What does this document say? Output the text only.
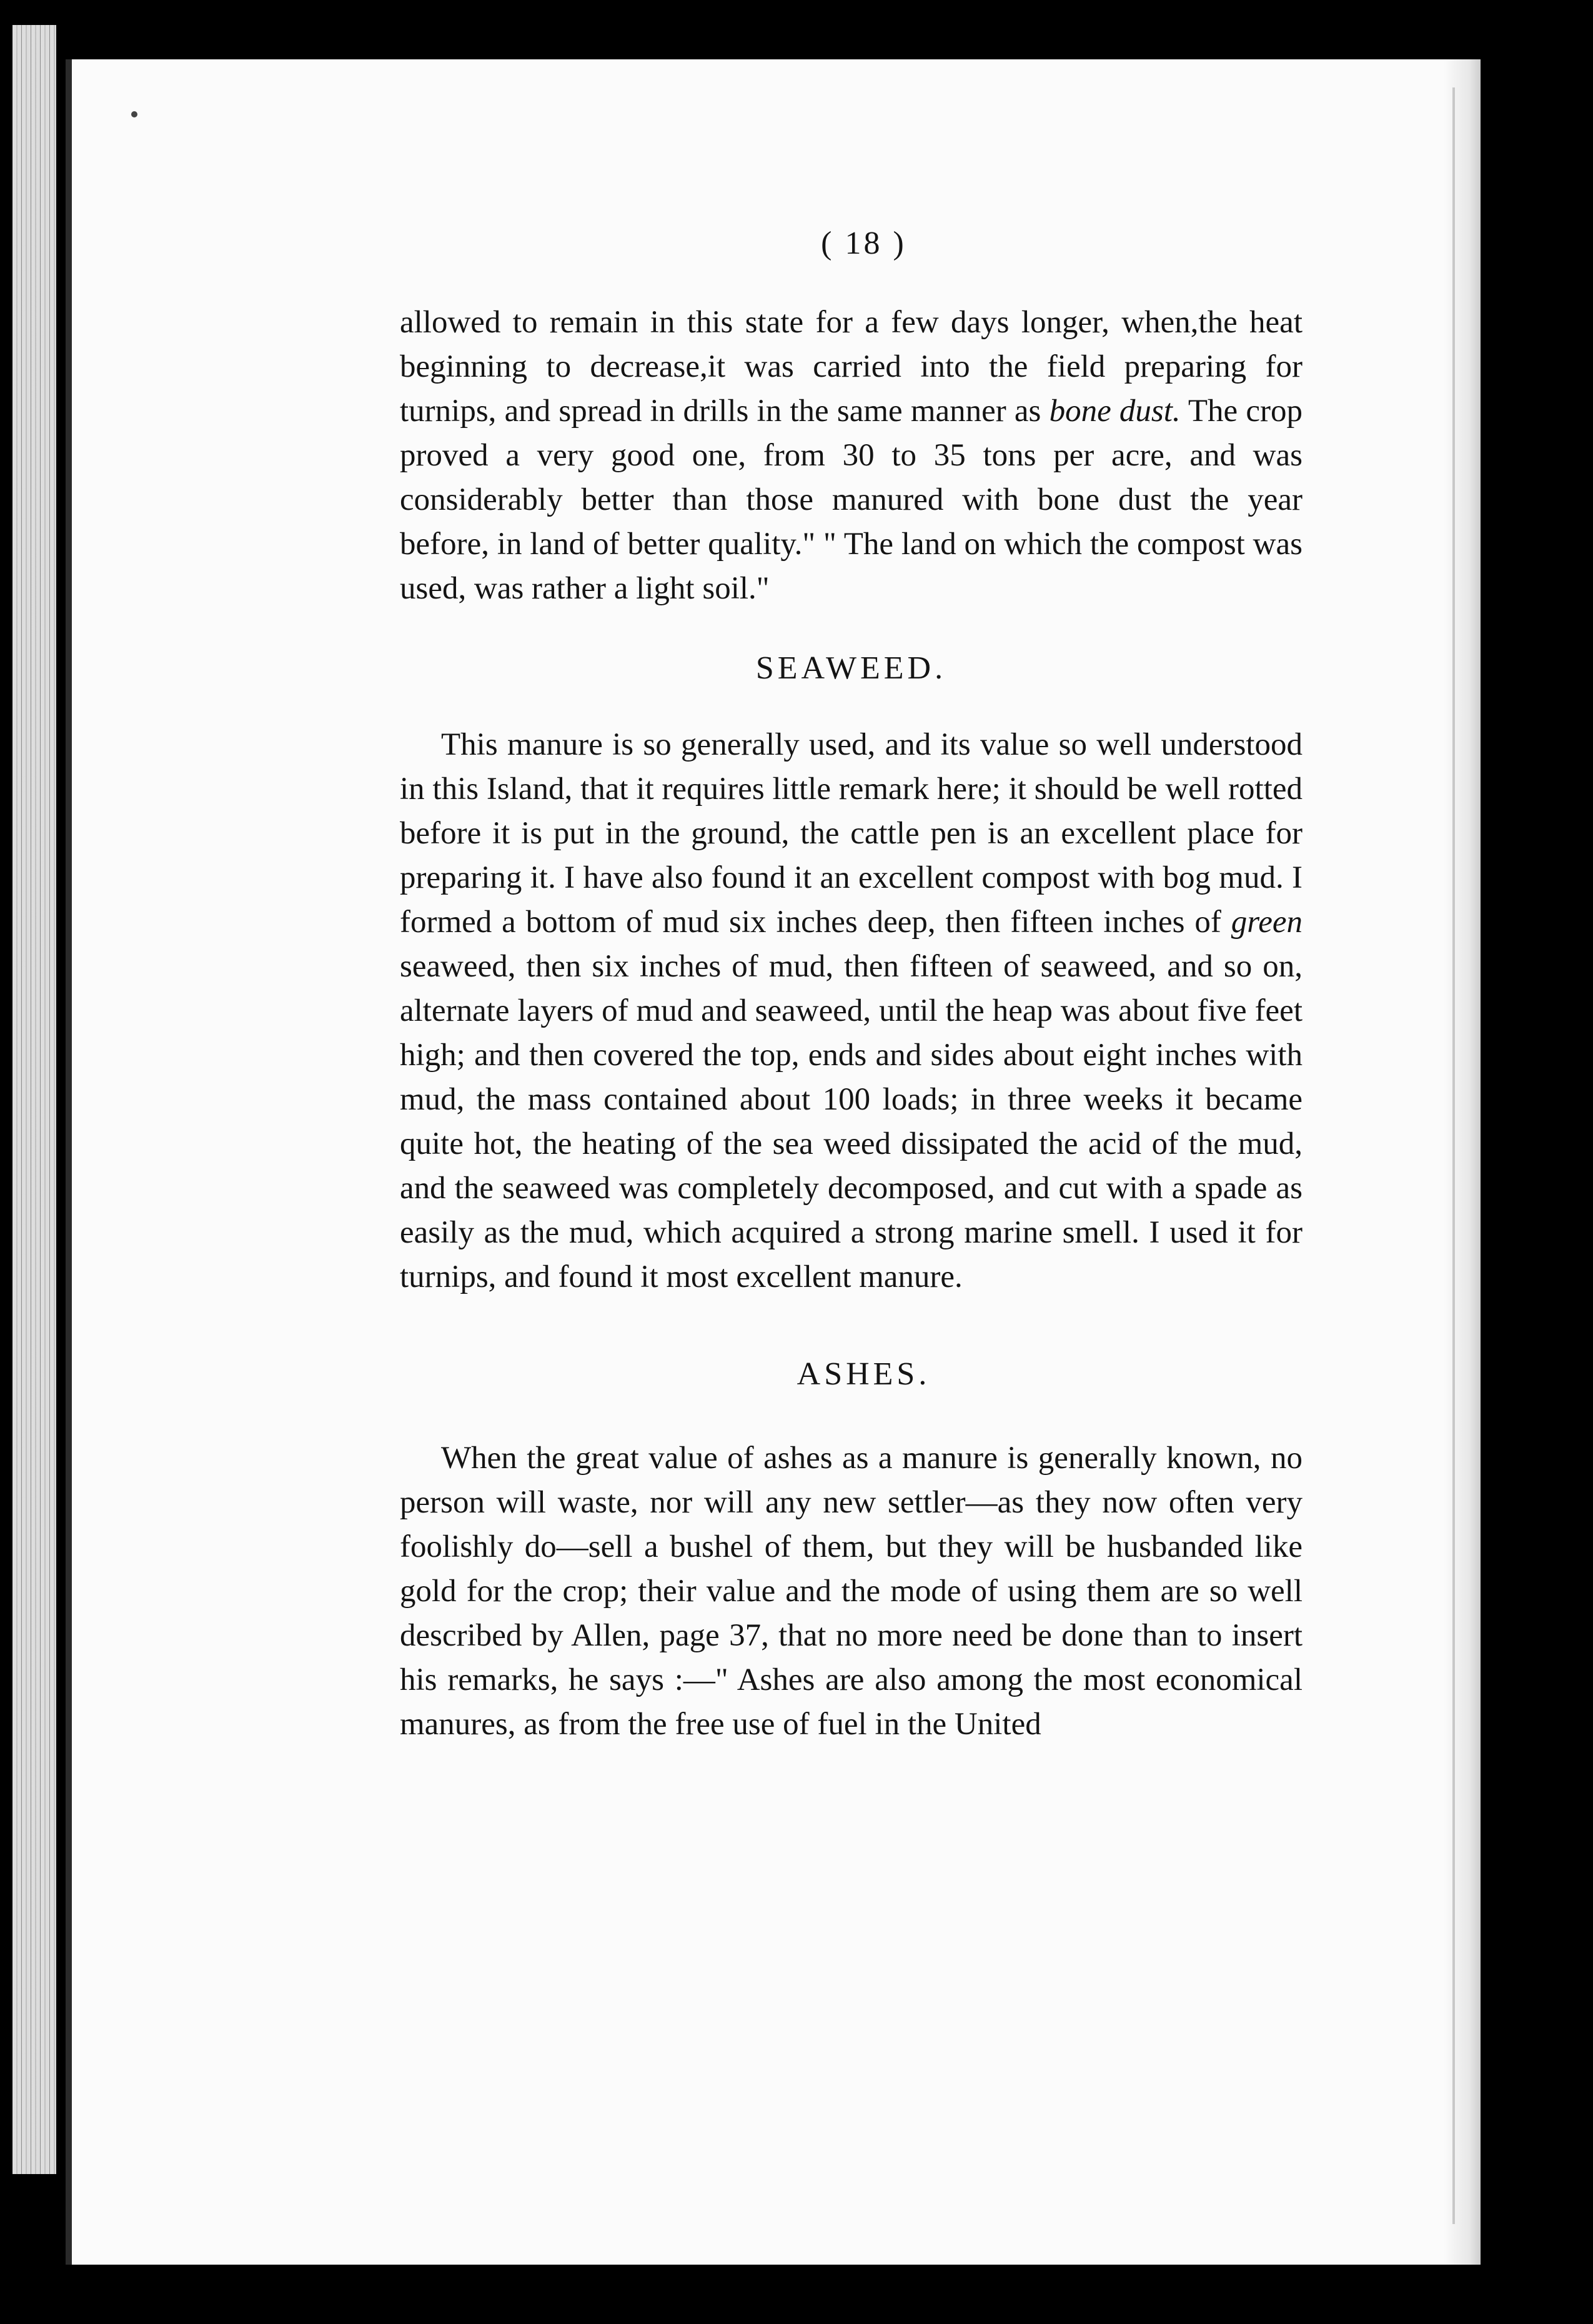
( 18 )

allowed to remain in this state for a few days longer, when,the heat beginning to decrease,it was carried into the field preparing for turnips, and spread in drills in the same manner as bone dust. The crop proved a very good one, from 30 to 35 tons per acre, and was considerably better than those manured with bone dust the year before, in land of better quality." " The land on which the compost was used, was rather a light soil."

SEAWEED.

This manure is so generally used, and its value so well understood in this Island, that it requires little remark here; it should be well rotted before it is put in the ground, the cattle pen is an excellent place for preparing it. I have also found it an excellent compost with bog mud. I formed a bottom of mud six inches deep, then fifteen inches of green seaweed, then six inches of mud, then fifteen of seaweed, and so on, alternate layers of mud and seaweed, until the heap was about five feet high; and then covered the top, ends and sides about eight inches with mud, the mass contained about 100 loads; in three weeks it became quite hot, the heating of the sea weed dissipated the acid of the mud, and the seaweed was completely decomposed, and cut with a spade as easily as the mud, which acquired a strong marine smell. I used it for turnips, and found it most excellent manure.

ASHES.

When the great value of ashes as a manure is generally known, no person will waste, nor will any new settler—as they now often very foolishly do—sell a bushel of them, but they will be husbanded like gold for the crop; their value and the mode of using them are so well described by Allen, page 37, that no more need be done than to insert his remarks, he says :—" Ashes are also among the most economical manures, as from the free use of fuel in the United
